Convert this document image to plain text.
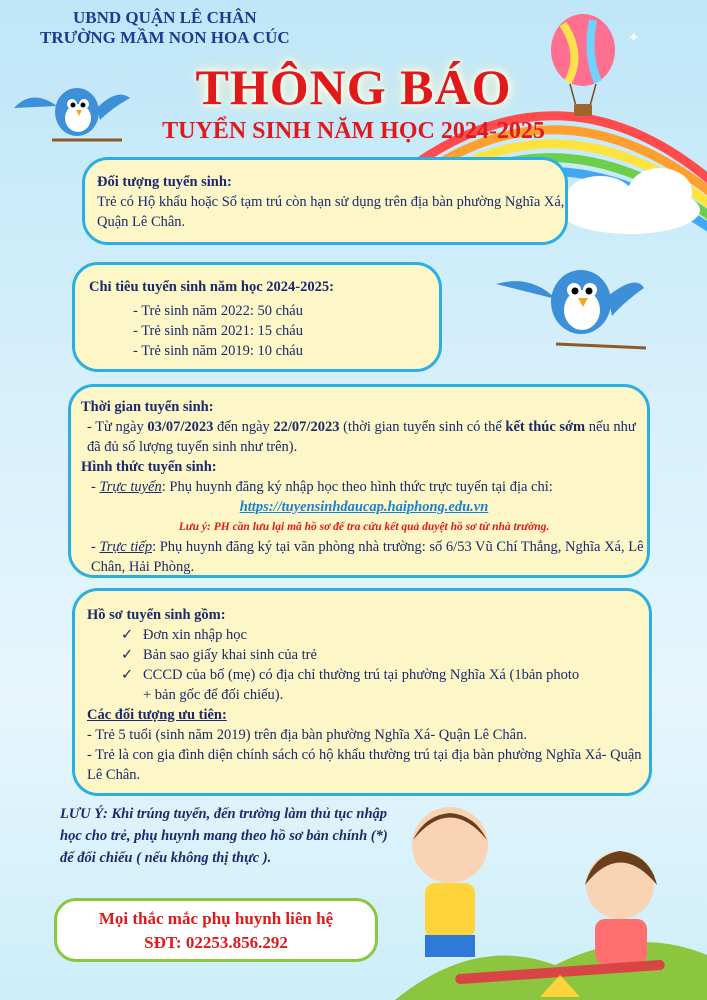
✦
UBND QUẬN LÊ CHÂN
TRƯỜNG MẦM NON HOA CÚC
THÔNG BÁO
TUYỂN SINH NĂM HỌC 2024-2025
Đối tượng tuyển sinh:
Trẻ có Hộ khẩu hoặc Sổ tạm trú còn hạn sử dụng trên địa bàn phường Nghĩa Xá, Quận Lê Chân.
Chỉ tiêu tuyển sinh năm học 2024-2025:
- Trẻ sinh năm 2022: 50 cháu
- Trẻ sinh năm 2021: 15 cháu
- Trẻ sinh năm 2019: 10 cháu
Thời gian tuyển sinh:
- Từ ngày 03/07/2023 đến ngày 22/07/2023 (thời gian tuyển sinh có thể kết thúc sớm nếu như đã đủ số lượng tuyển sinh như trên).
Hình thức tuyển sinh:
- Trực tuyến: Phụ huynh đăng ký nhập học theo hình thức trực tuyến tại địa chỉ:
https://tuyensinhdaucap.haiphong.edu.vn
Lưu ý: PH cần lưu lại mã hồ sơ để tra cứu kết quả duyệt hồ sơ từ nhà trường.
- Trực tiếp: Phụ huynh đăng ký tại văn phòng nhà trường: số 6/53 Vũ Chí Thắng, Nghĩa Xá, Lê Chân, Hải Phòng.
Hồ sơ tuyển sinh gồm:
✓ Đơn xin nhập học
✓ Bản sao giấy khai sinh của trẻ
✓ CCCD của bố (mẹ) có địa chỉ thường trú tại phường Nghĩa Xá (1bản photo
+ bản gốc để đối chiếu).
Các đối tượng ưu tiên:
- Trẻ 5 tuổi (sinh năm 2019) trên địa bàn phường Nghĩa Xá- Quận Lê Chân.
- Trẻ là con gia đình diện chính sách có hộ khẩu thường trú tại địa bàn phường Nghĩa Xá- Quận Lê Chân.
LƯU Ý: Khi trúng tuyển, đến trường làm thủ tục nhập học cho trẻ, phụ huynh mang theo hồ sơ bản chính (*) để đối chiếu ( nếu không thị thực ).
Mọi thắc mắc phụ huynh liên hệ
SĐT: 02253.856.292
